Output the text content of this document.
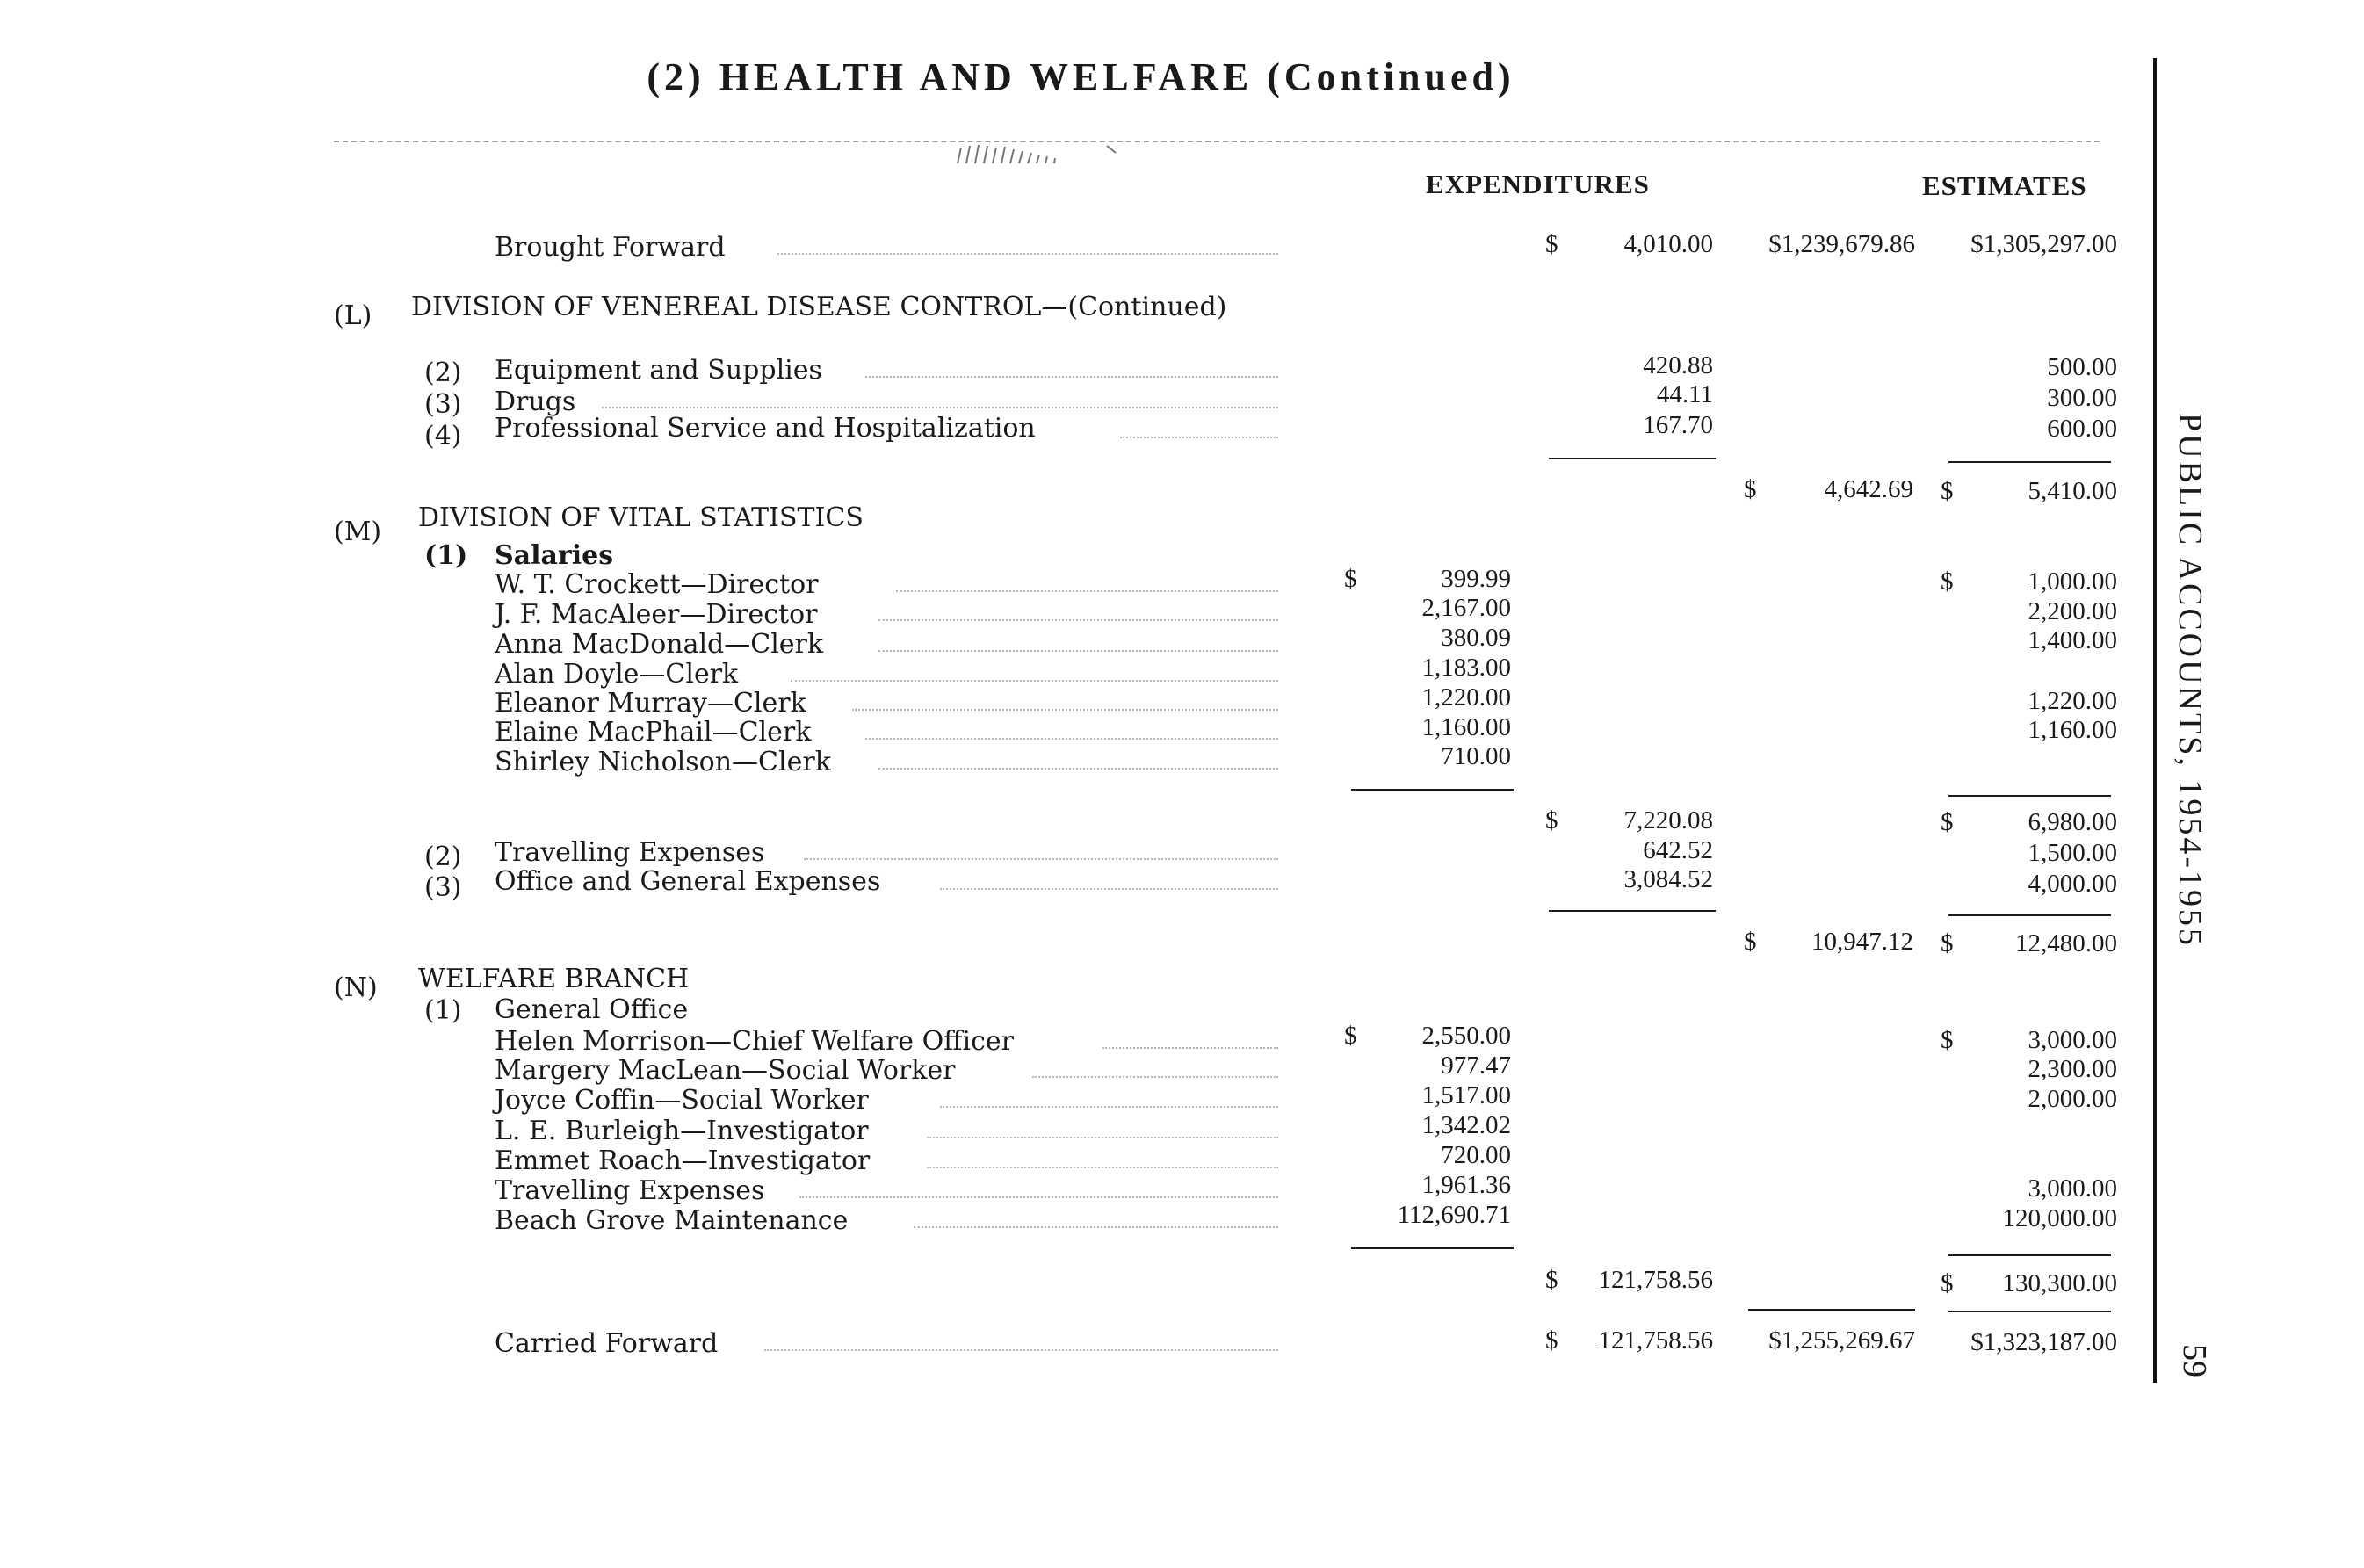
(2) HEALTH AND WELFARE (Continued)
EXPENDITURES	ESTIMATES
Brought Forward	$	4,010.00	$1,239,679.86	$1,305,297.00
(L) DIVISION OF VENEREAL DISEASE CONTROL—(Continued)
(2) Equipment and Supplies	420.88	500.00
(3) Drugs	44.11	300.00
(4) Professional Service and Hospitalization	167.70	600.00
$	4,642.69 $	5,410.00
(M) DIVISION OF VITAL STATISTICS
(1) Salaries
W. T. Crockett—Director	$	399.99	$	1,000.00
J. F. MacAleer—Director	2,167.00	2,200.00
Anna MacDonald—Clerk	380.09	1,400.00
Alan Doyle—Clerk	1,183.00
Eleanor Murray—Clerk	1,220.00	1,220.00
Elaine MacPhail—Clerk	1,160.00	1,160.00
Shirley Nicholson—Clerk	710.00
$	7,220.08	$	6,980.00
(2) Travelling Expenses	642.52	1,500.00
(3) Office and General Expenses	3,084.52	4,000.00
$	10,947.12 $	12,480.00
(N) WELFARE BRANCH
(1) General Office
Helen Morrison—Chief Welfare Officer	$	2,550.00	$	3,000.00
Margery MacLean—Social Worker	977.47	2,300.00
Joyce Coffin—Social Worker	1,517.00	2,000.00
L. E. Burleigh—Investigator	1,342.02
Emmet Roach—Investigator	720.00
Travelling Expenses	1,961.36	3,000.00
Beach Grove Maintenance	112,690.71	120,000.00
$	121,758.56	$	130,300.00
Carried Forward	$	121,758.56	$1,255,269.67	$1,323,187.00
PUBLIC ACCOUNTS, 1954-1955
59
